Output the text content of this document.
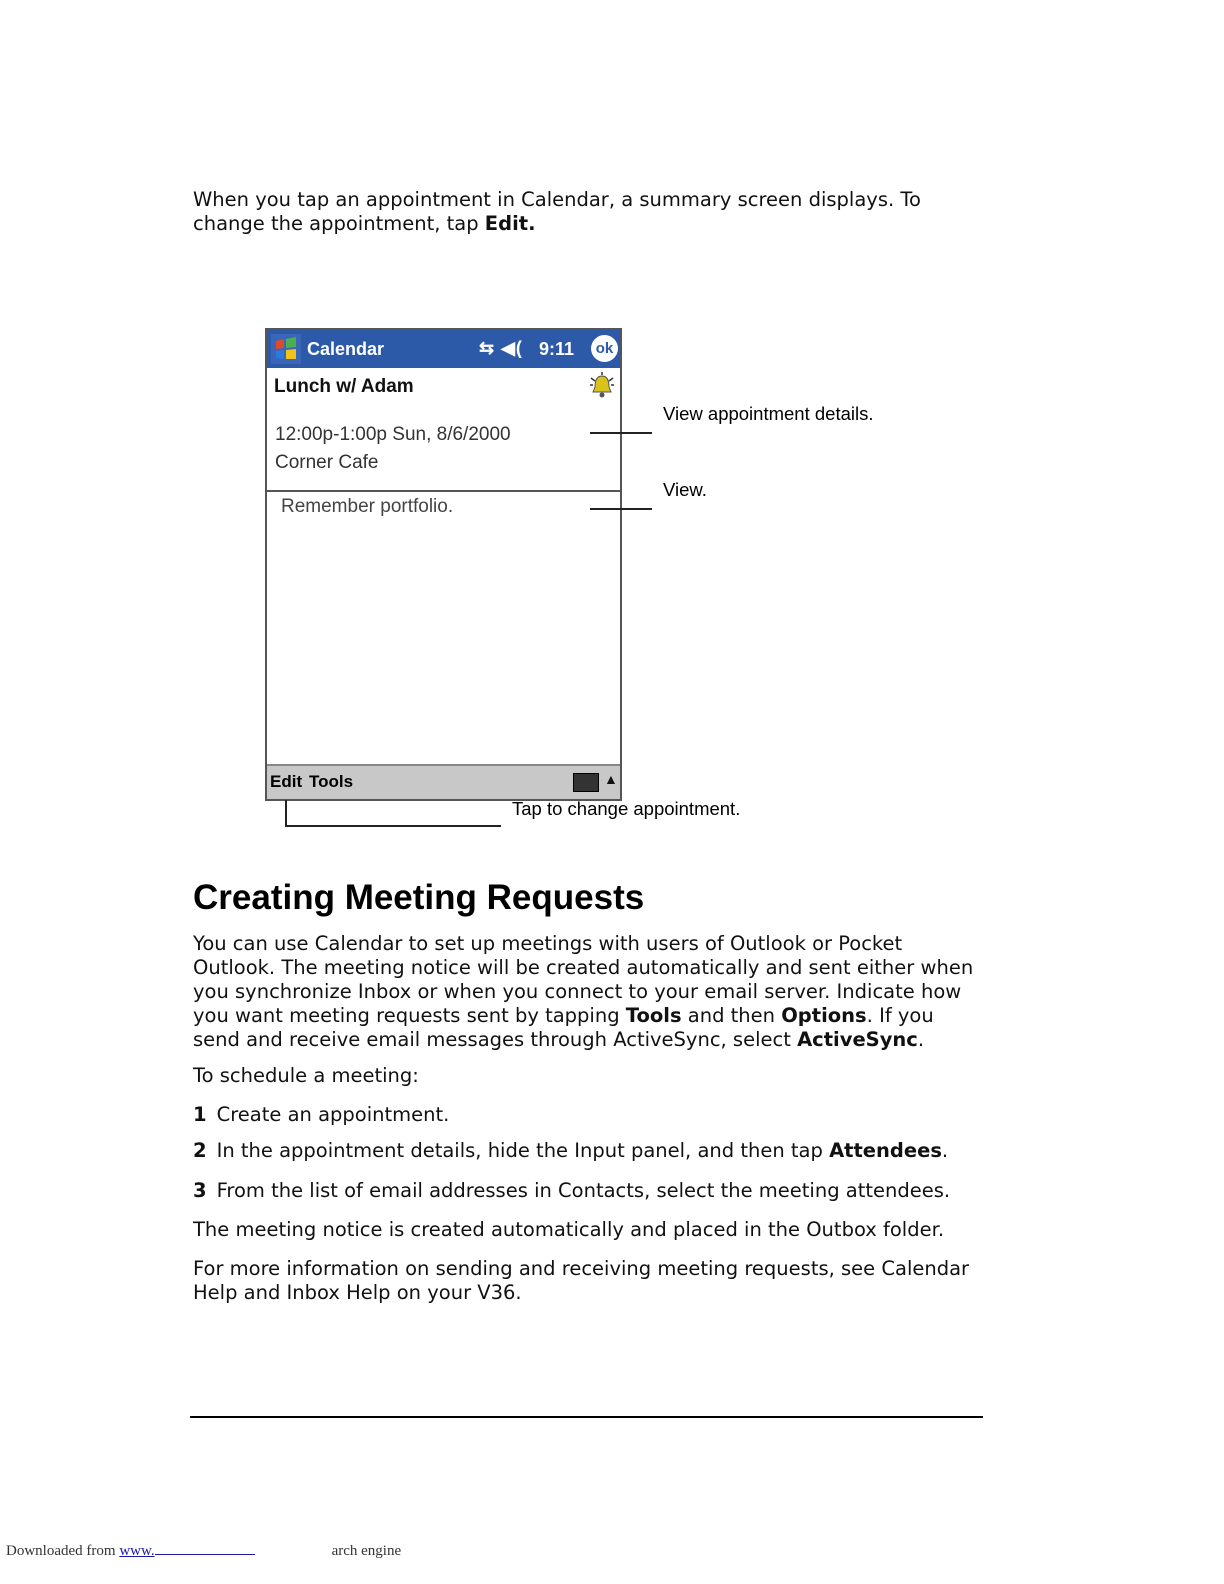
When you tap an appointment in Calendar, a summary screen displays. To change the appointment, tap Edit.

Calendar	⇆ ◀( 9:11	ok
Lunch w/ Adam
12:00p-1:00p Sun, 8/6/2000
Corner Cafe
Remember portfolio.
Edit Tools	▲
View appointment details.
View.
Tap to change appointment.
Creating Meeting Requests

You can use Calendar to set up meetings with users of Outlook or Pocket Outlook. The meeting notice will be created automatically and sent either when you synchronize Inbox or when you connect to your email server. Indicate how you want meeting requests sent by tapping Tools and then Options. If you send and receive email messages through ActiveSync, select ActiveSync.

To schedule a meeting:

1 Create an appointment.

2 In the appointment details, hide the Input panel, and then tap Attendees.

3 From the list of email addresses in Contacts, select the meeting attendees.

The meeting notice is created automatically and placed in the Outbox folder.

For more information on sending and receiving meeting requests, see Calendar Help and Inbox Help on your V36.

Downloaded from www.	arch engine
